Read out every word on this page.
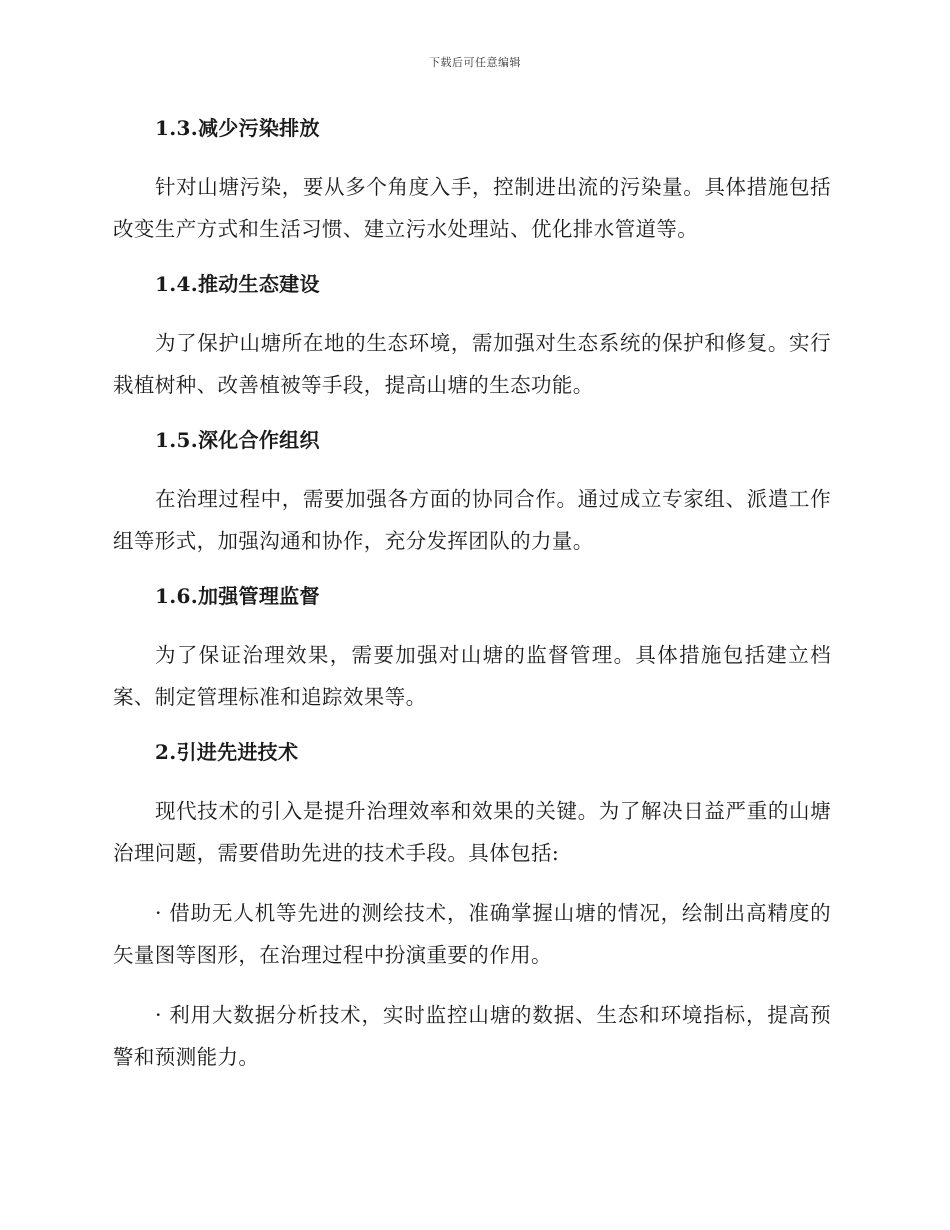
下载后可任意编辑
1.3.减少污染排放

针对山塘污染，要从多个角度入手，控制进出流的污染量。具体措施包括改变生产方式和生活习惯、建立污水处理站、优化排水管道等。

1.4.推动生态建设

为了保护山塘所在地的生态环境，需加强对生态系统的保护和修复。实行栽植树种、改善植被等手段，提高山塘的生态功能。

1.5.深化合作组织

在治理过程中，需要加强各方面的协同合作。通过成立专家组、派遣工作组等形式，加强沟通和协作，充分发挥团队的力量。

1.6.加强管理监督

为了保证治理效果，需要加强对山塘的监督管理。具体措施包括建立档案、制定管理标准和追踪效果等。

2.引进先进技术

现代技术的引入是提升治理效率和效果的关键。为了解决日益严重的山塘治理问题，需要借助先进的技术手段。具体包括:

· 借助无人机等先进的测绘技术，准确掌握山塘的情况，绘制出高精度的矢量图等图形，在治理过程中扮演重要的作用。

· 利用大数据分析技术，实时监控山塘的数据、生态和环境指标，提高预警和预测能力。
